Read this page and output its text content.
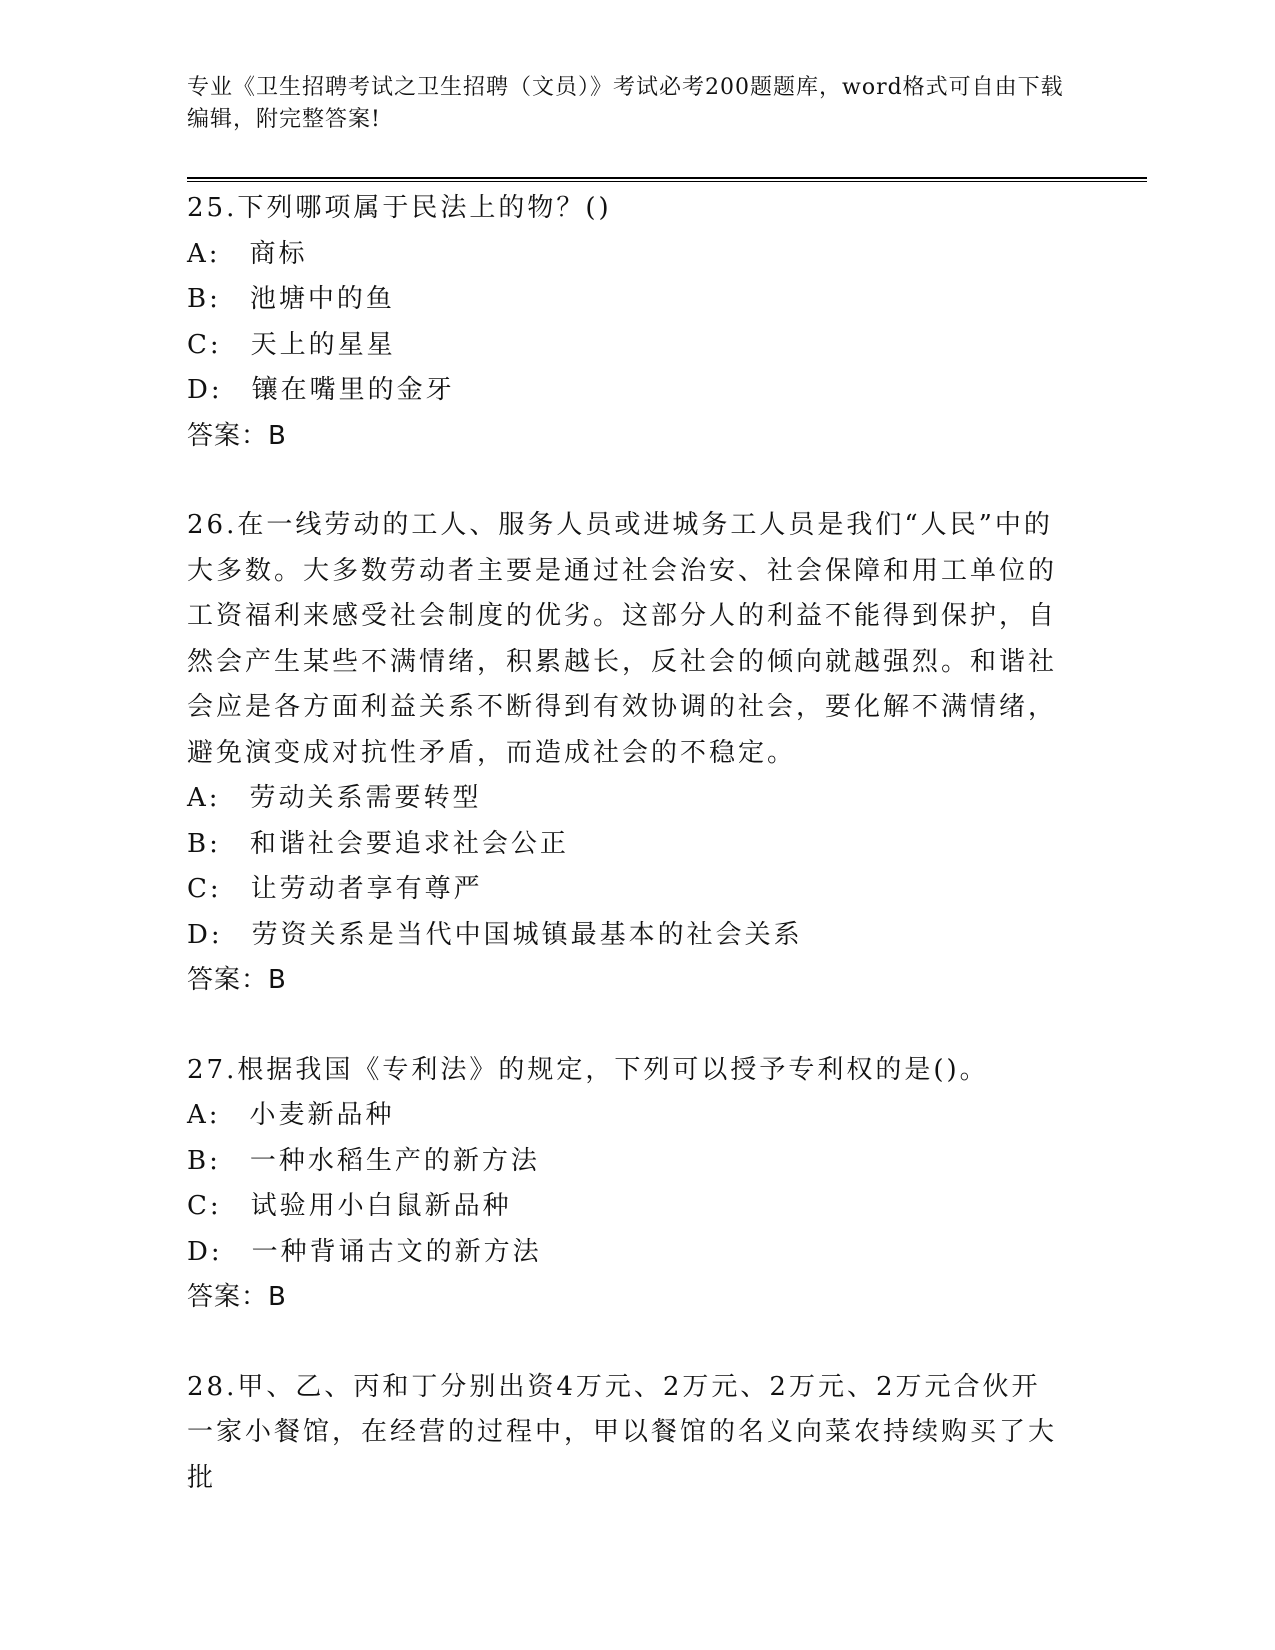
专业《卫生招聘考试之卫生招聘（文员）》考试必考200题题库，word格式可自由下载编辑，附完整答案!
25.下列哪项属于民法上的物？()
A:　商标
B:　池塘中的鱼
C:　天上的星星
D:　镶在嘴里的金牙
答案：B
26.在一线劳动的工人、服务人员或进城务工人员是我们“人民”中的大多数。大多数劳动者主要是通过社会治安、社会保障和用工单位的工资福利来感受社会制度的优劣。这部分人的利益不能得到保护，自然会产生某些不满情绪，积累越长，反社会的倾向就越强烈。和谐社会应是各方面利益关系不断得到有效协调的社会，要化解不满情绪，避免演变成对抗性矛盾，而造成社会的不稳定。
A:　劳动关系需要转型
B:　和谐社会要追求社会公正
C:　让劳动者享有尊严
D:　劳资关系是当代中国城镇最基本的社会关系
答案：B
27.根据我国《专利法》的规定，下列可以授予专利权的是()。
A:　小麦新品种
B:　一种水稻生产的新方法
C:　试验用小白鼠新品种
D:　一种背诵古文的新方法
答案：B
28.甲、乙、丙和丁分别出资4万元、2万元、2万元、2万元合伙开一家小餐馆，在经营的过程中，甲以餐馆的名义向菜农持续购买了大批
